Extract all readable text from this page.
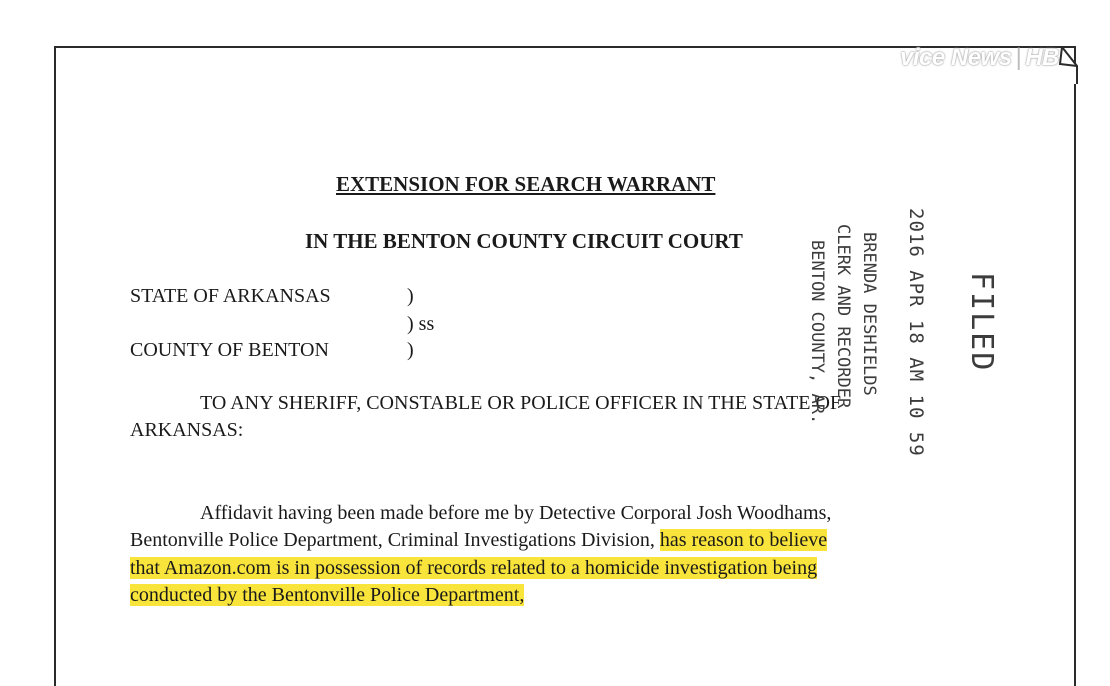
vice News | HB
EXTENSION FOR SEARCH WARRANT
IN THE BENTON COUNTY CIRCUIT COURT
STATE OF ARKANSAS	)
) ss
COUNTY OF BENTON	)
TO ANY SHERIFF, CONSTABLE OR POLICE OFFICER IN THE STATE OF
ARKANSAS:
Affidavit having been made before me by Detective Corporal Josh Woodhams,
Bentonville Police Department, Criminal Investigations Division, has reason to believe
that Amazon.com is in possession of records related to a homicide investigation being
conducted by the Bentonville Police Department,
FILED
2016 APR 18 AM 10 59
BRENDA DESHIELDS
CLERK AND RECORDER
BENTON COUNTY, AR.
